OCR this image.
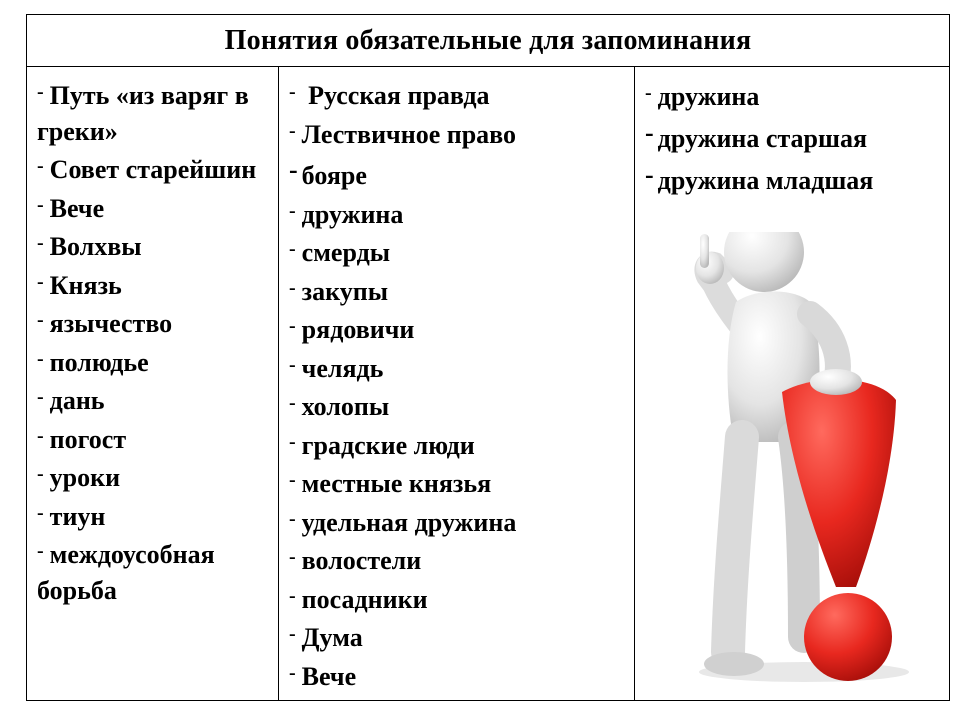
Понятия обязательные для запоминания

- Путь «из варяг в греки»

- Совет старейшин

- Вече

- Волхвы

- Князь

- язычество

- полюдье

- дань

- погост

- уроки

- тиун

- междоусобная борьба

- Русская правда

- Лествичное право

- бояре

- дружина

- смерды

- закупы

- рядовичи

- челядь

- холопы

- градские люди

- местные князья

- удельная дружина

- волостели

- посадники

- Дума

- Вече

- дружина

- дружина старшая

- дружина младшая
